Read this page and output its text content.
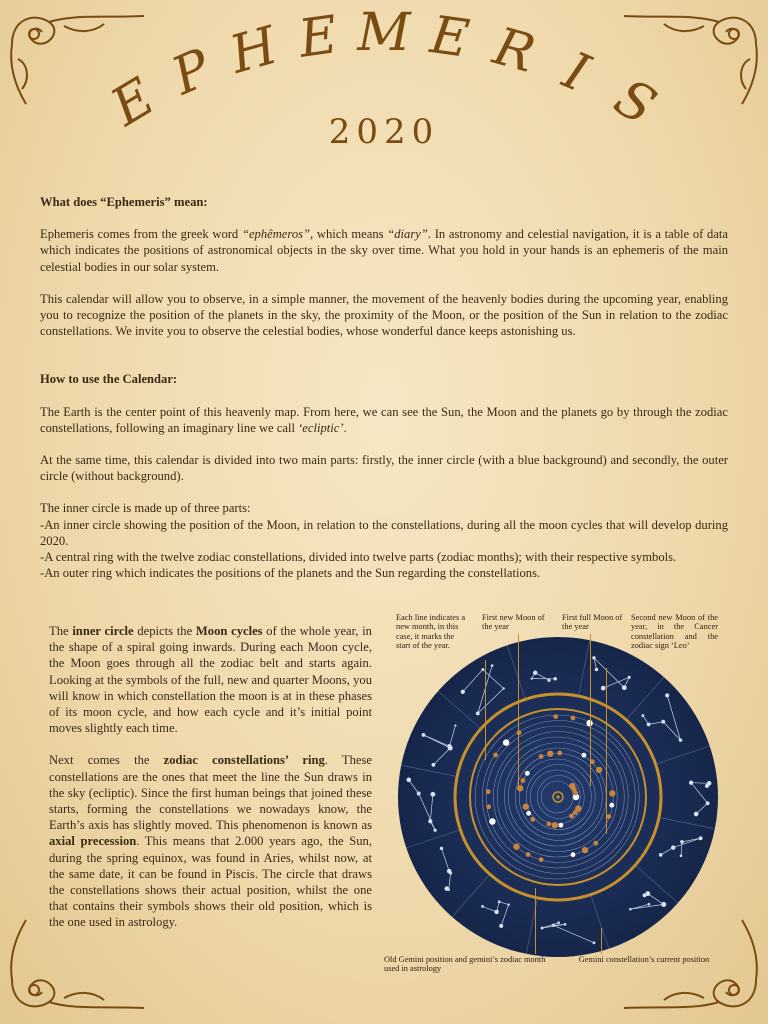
E
P H E M E R I S
2020

What does “Ephemeris” mean:

Ephemeris comes from the greek word “ephêmeros”, which means “diary”. In astronomy and celestial navigation, it is a table of data which indicates the positions of astronomical objects in the sky over time. What you hold in your hands is an ephemeris of the main celestial bodies in our solar system.

This calendar will allow you to observe, in a simple manner, the movement of the heavenly bodies during the upcoming year, enabling you to recognize the position of the planets in the sky, the proximity of the Moon, or the position of the Sun in relation to the zodiac constellations. We invite you to observe the celestial bodies, whose wonderful dance keeps astonishing us.

How to use the Calendar:

The Earth is the center point of this heavenly map. From here, we can see the Sun, the Moon and the planets go by through the zodiac constellations, following an imaginary line we call ‘ecliptic’.

At the same time, this calendar is divided into two main parts: firstly, the inner circle (with a blue background) and secondly, the outer circle (without background).

The inner circle is made up of three parts:

-An inner circle showing the position of the Moon, in relation to the constellations, during all the moon cycles that will develop during 2020.

-A central ring with the twelve zodiac constellations, divided into twelve parts (zodiac months); with their respective symbols.

-An outer ring which indicates the positions of the planets and the Sun regarding the constellations.

The inner circle depicts the Moon cycles of the whole year, in the shape of a spiral going inwards. During each Moon cycle, the Moon goes through all the zodiac belt and starts again. Looking at the symbols of the full, new and quarter Moons, you will know in which constellation the moon is at in these phases of its moon cycle, and how each cycle and it’s initial point moves slightly each time.

Next comes the zodiac constellations’ ring. These constellations are the ones that meet the line the Sun draws in the sky (ecliptic). Since the first human beings that joined these starts, forming the constellations we nowadays know, the Earth’s axis has slightly moved. This phenomenon is known as axial precession. This means that 2.000 years ago, the Sun, during the spring equinox, was found in Aries, whilst now, at the same date, it can be found in Piscis. The circle that draws the constellations shows their actual position, whilst the one that contains their symbols shows their old position, which is the one used in astrology.

Each line indicates a new month, in this case, it marks the start of the year.
First new Moon of the year
First full Moon of the year
Second new Moon of the year, in the Cancer constellation and the zodiac sign ‘Leo’
Old Gemini position and gemini’s zodiac month used in astrology
Gemini constellation’s current position
